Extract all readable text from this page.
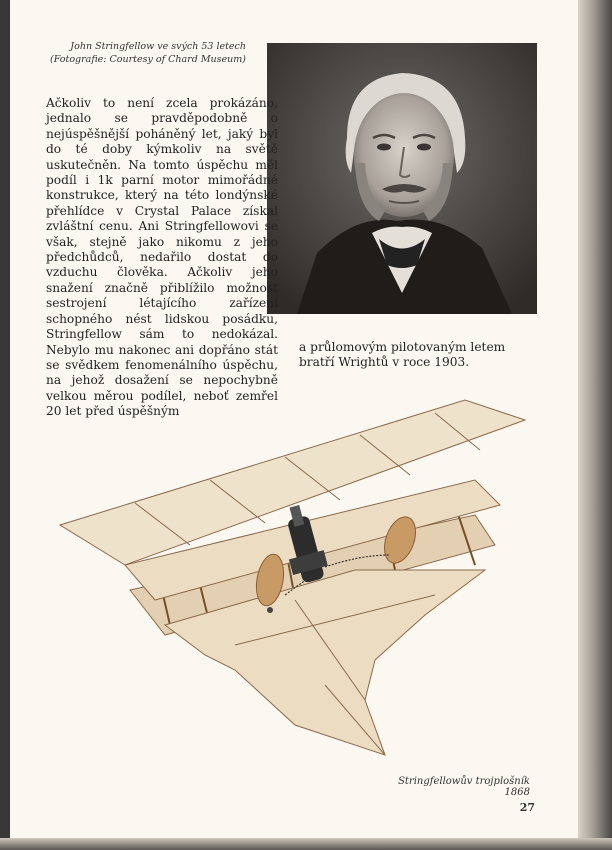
John Stringfellow ve svých 53 letech
(Fotografie: Courtesy of Chard Museum)

Ačkoliv to není zcela prokázáno, jednalo se pravděpodobně o nejúspěšnější poháněný let, jaký byl do té doby kýmkoliv na světě uskutečněn. Na tomto úspěchu měl podíl i 1k parní motor mimořádné konstrukce, který na této londýnské přehlídce v Crystal Palace získal zvláštní cenu. Ani Stringfellowovi se však, stejně jako nikomu z jeho předchůdců, nedařilo dostat do vzduchu člověka. Ačkoliv jeho snažení značně přiblížilo možnost sestrojení létajícího zařízení schopného nést lidskou posádku, Stringfellow sám to nedokázal. Nebylo mu nakonec ani dopřáno stát se svědkem fenomenálního úspěchu, na jehož dosažení se nepochybně velkou měrou podílel, neboť zemřel 20 let před úspěšným

a průlomovým pilotovaným letem bratří Wrightů v roce 1903.

Stringfellowův trojplošník 1868
27
